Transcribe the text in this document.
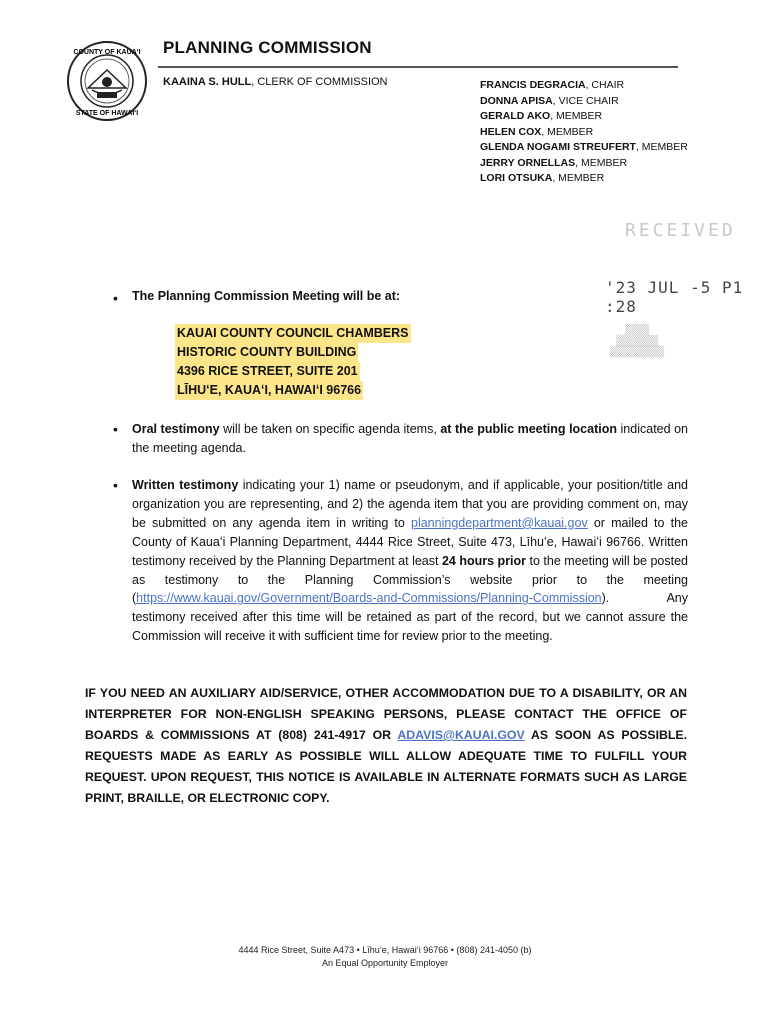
COUNTY OF KAUAʻI
STATE OF HAWAIʻI
PLANNING COMMISSION
KAAINA S. HULL, CLERK OF COMMISSION	FRANCIS DEGRACIA, CHAIR
DONNA APISA, VICE CHAIR
GERALD AKO, MEMBER
HELEN COX, MEMBER
GLENDA NOGAMI STREUFERT, MEMBER
JERRY ORNELLAS, MEMBER
LORI OTSUKA, MEMBER
RECEIVED
'23 JUL -5 P1 :28
▒▒▒▒
▒▒▒▒▒▒▒
▒▒▒▒▒▒▒▒▒
• The Planning Commission Meeting will be at:
KAUAI COUNTY COUNCIL CHAMBERS
HISTORIC COUNTY BUILDING
4396 RICE STREET, SUITE 201
LĪHUʻE, KAUAʻI, HAWAIʻI 96766
• Oral testimony will be taken on specific agenda items, at the public meeting location indicated on the meeting agenda.
• Written testimony indicating your 1) name or pseudonym, and if applicable, your position/title and organization you are representing, and 2) the agenda item that you are providing comment on, may be submitted on any agenda item in writing to planningdepartment@kauai.gov or mailed to the County of Kauaʻi Planning Department, 4444 Rice Street, Suite 473, Līhuʻe, Hawaiʻi 96766. Written testimony received by the Planning Department at least 24 hours prior to the meeting will be posted as testimony to the Planning Commission’s website prior to the meeting (https://www.kauai.gov/Government/Boards-and-Commissions/Planning-Commission). Any testimony received after this time will be retained as part of the record, but we cannot assure the Commission will receive it with sufficient time for review prior to the meeting.
IF YOU NEED AN AUXILIARY AID/SERVICE, OTHER ACCOMMODATION DUE TO A DISABILITY, OR AN INTERPRETER FOR NON-ENGLISH SPEAKING PERSONS, PLEASE CONTACT THE OFFICE OF BOARDS & COMMISSIONS AT (808) 241-4917 OR ADAVIS@KAUAI.GOV AS SOON AS POSSIBLE. REQUESTS MADE AS EARLY AS POSSIBLE WILL ALLOW ADEQUATE TIME TO FULFILL YOUR REQUEST. UPON REQUEST, THIS NOTICE IS AVAILABLE IN ALTERNATE FORMATS SUCH AS LARGE PRINT, BRAILLE, OR ELECTRONIC COPY.
4444 Rice Street, Suite A473 • Līhuʻe, Hawaiʻi 96766 • (808) 241-4050 (b)
An Equal Opportunity Employer
